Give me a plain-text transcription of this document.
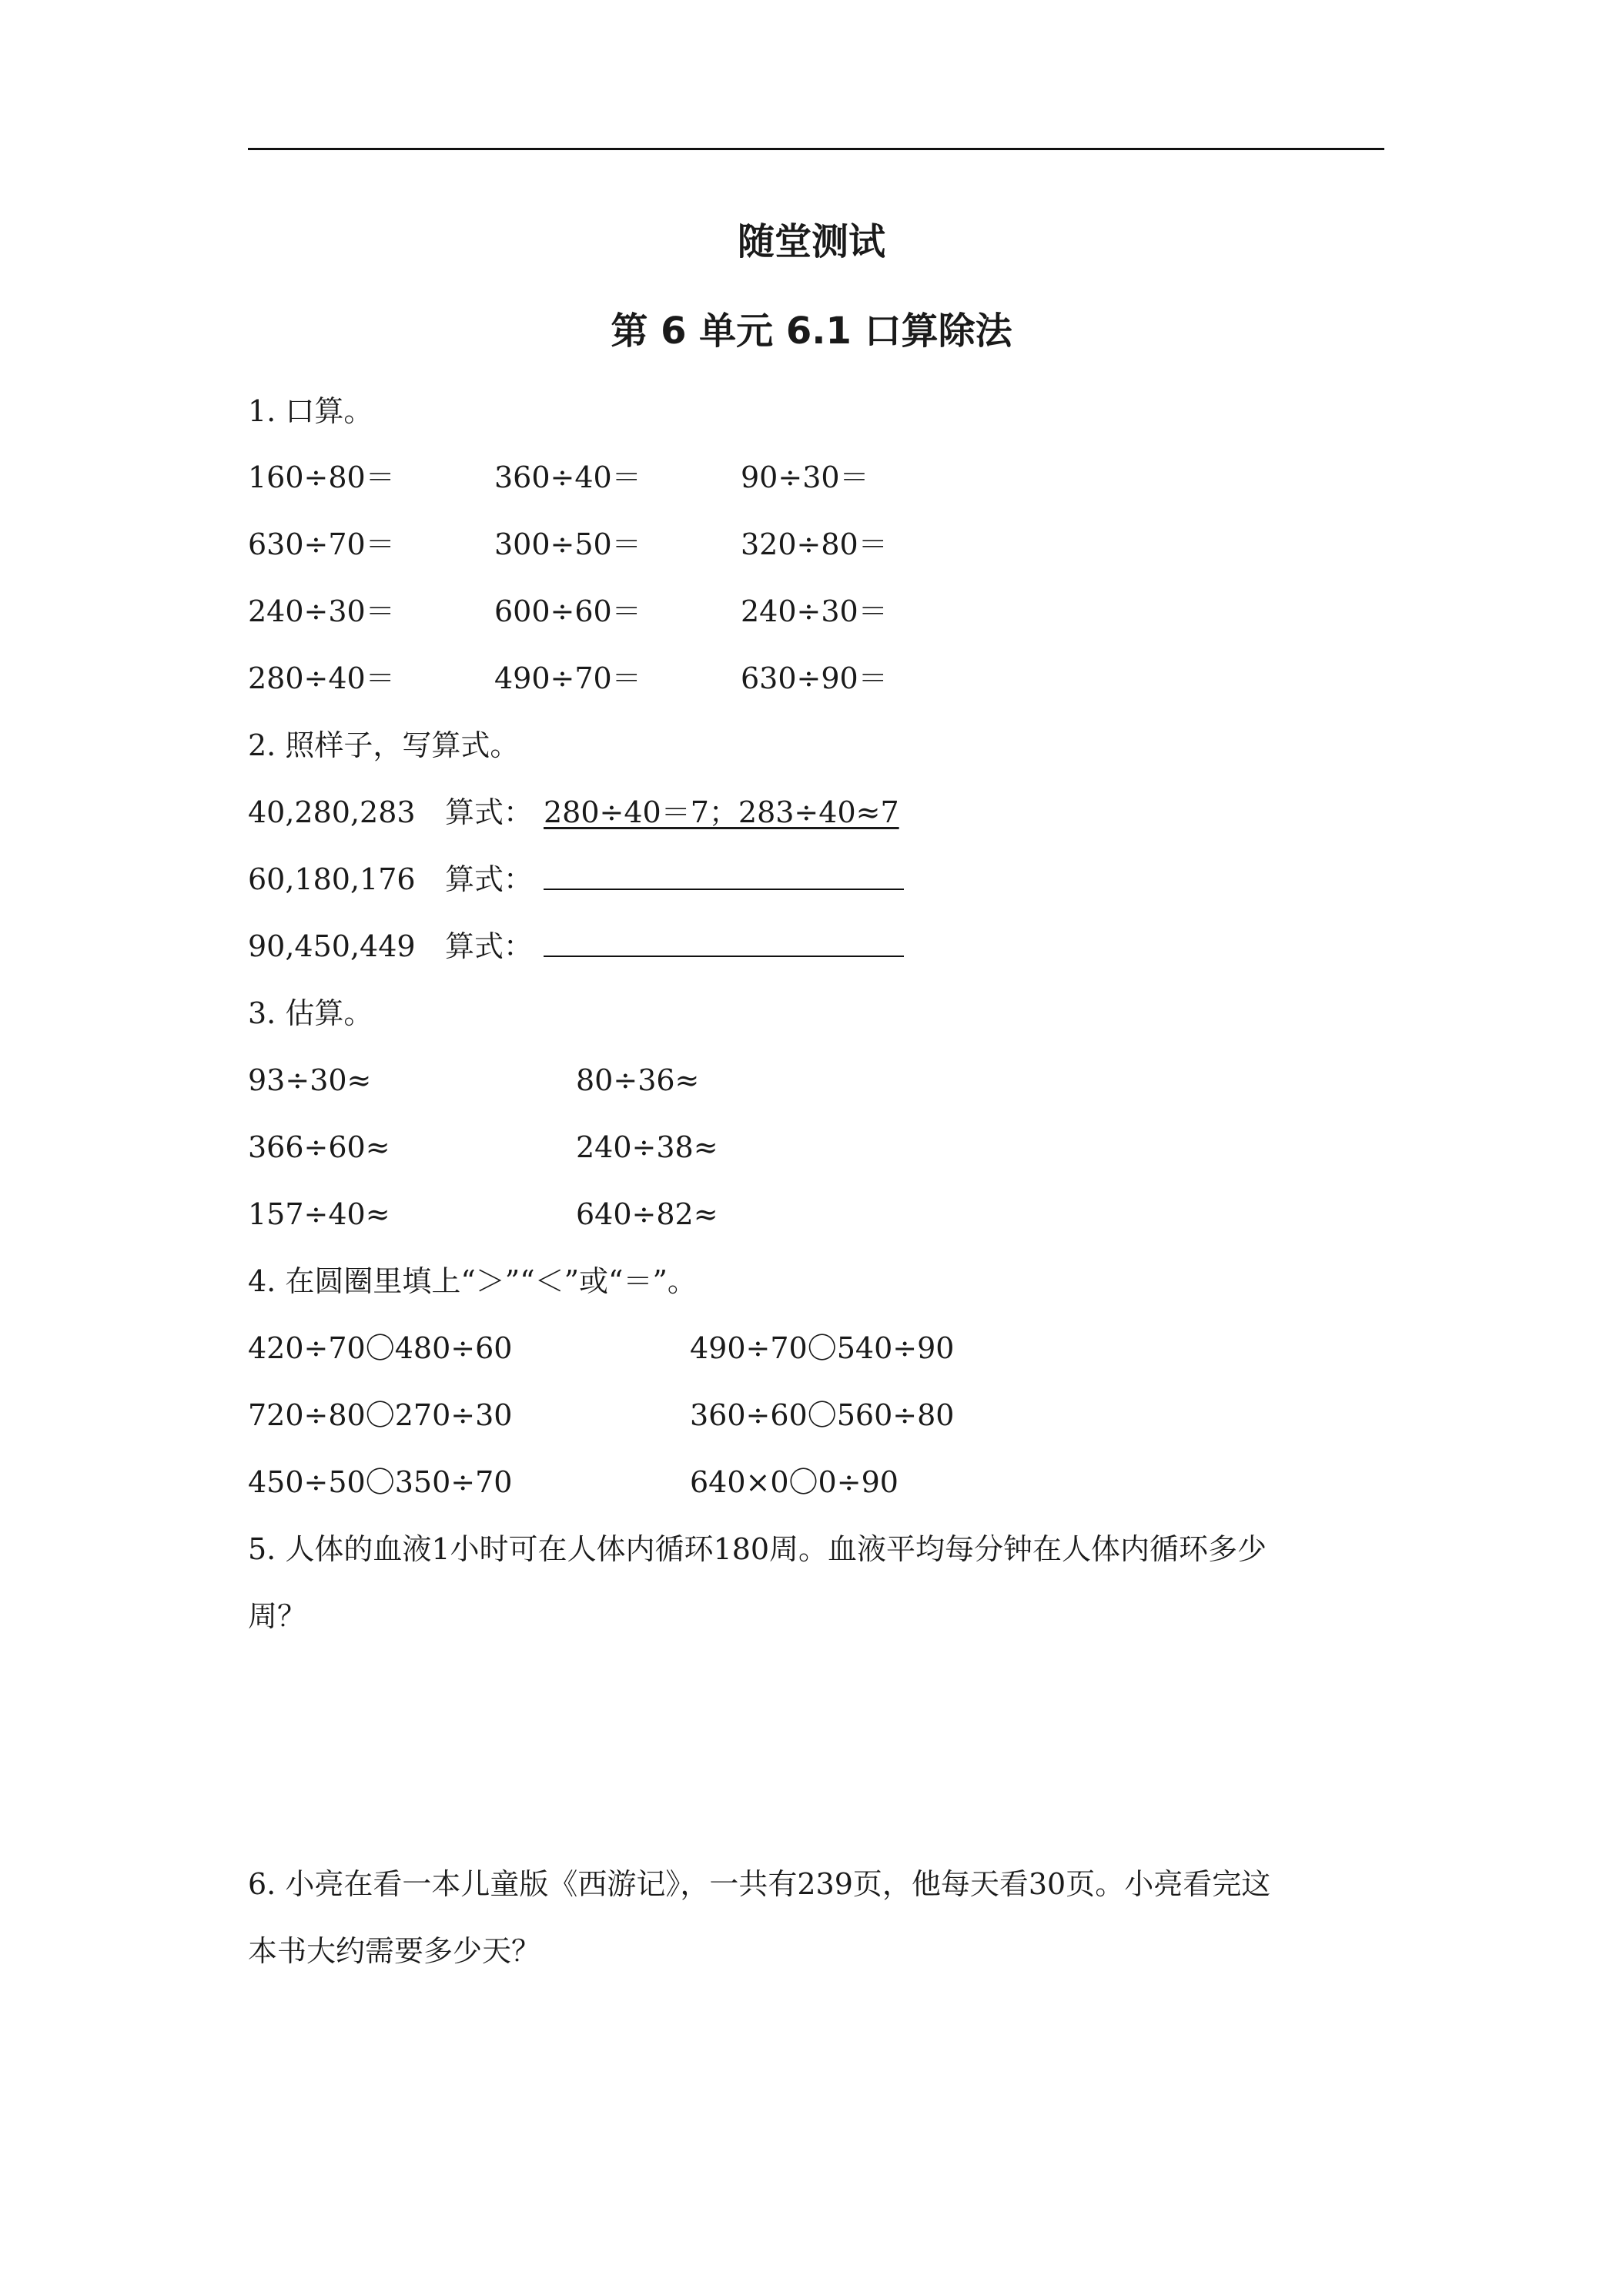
随堂测试
第 6 单元 6.1 口算除法
1. 口算。
160÷80＝	360÷40＝	90÷30＝
630÷70＝	300÷50＝	320÷80＝
240÷30＝	600÷60＝	240÷30＝
280÷40＝	490÷70＝	630÷90＝
2. 照样子，写算式。
40,280,283 算式： 280÷40＝7；283÷40≈7
60,180,176 算式：
90,450,449 算式：
3. 估算。
93÷30≈	80÷36≈
366÷60≈	240÷38≈
157÷40≈	640÷82≈
4. 在圆圈里填上“＞”“＜”或“＝”。
420÷70〇480÷60	490÷70〇540÷90
720÷80〇270÷30	360÷60〇560÷80
450÷50〇350÷70	640×0〇0÷90
5. 人体的血液1小时可在人体内循环180周。血液平均每分钟在人体内循环多少
周？
6. 小亮在看一本儿童版《西游记》，一共有239页，他每天看30页。小亮看完这
本书大约需要多少天？
